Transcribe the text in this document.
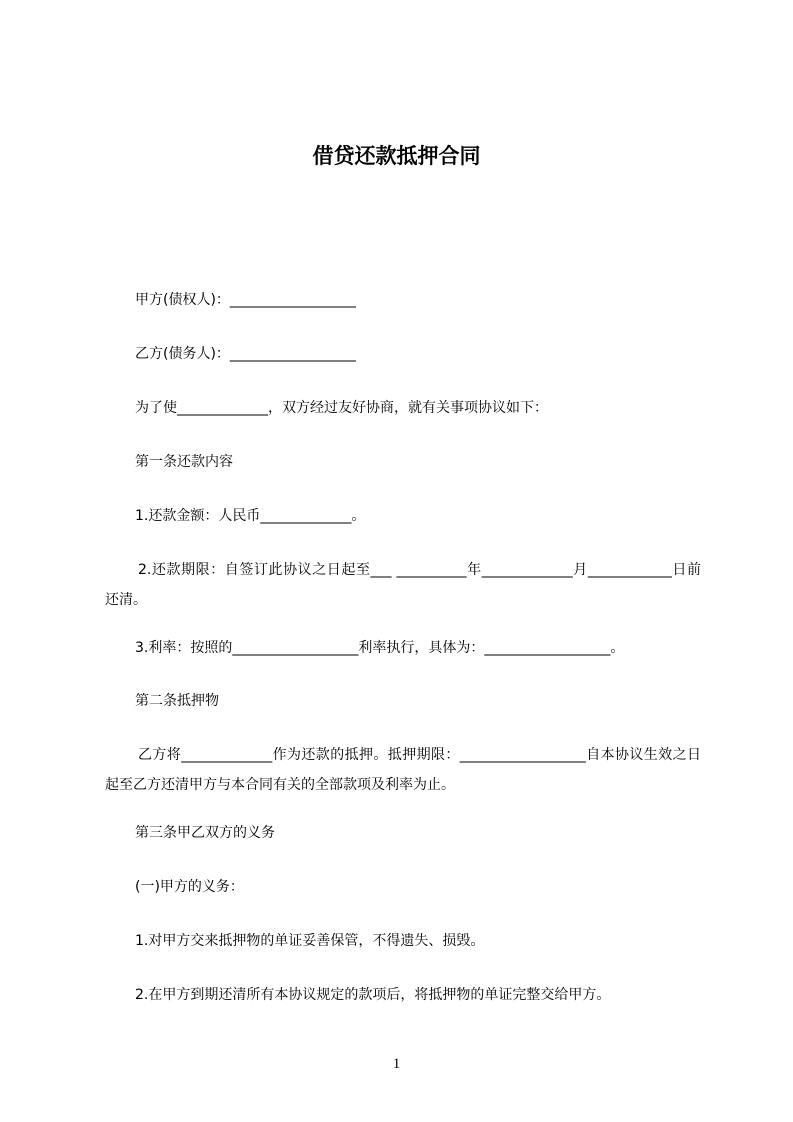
借贷还款抵押合同

甲方(债权人)：__________________

乙方(债务人)：__________________

为了使_____________，双方经过友好协商，就有关事项协议如下：

第一条还款内容

1.还款金额：人民币_____________。

2.还款期限：自签订此协议之日起至___ __________年_____________月____________日前还清。

3.利率：按照的__________________利率执行，具体为：__________________。

第二条抵押物

乙方将_____________作为还款的抵押。抵押期限：__________________自本协议生效之日起至乙方还清甲方与本合同有关的全部款项及利率为止。

第三条甲乙双方的义务

(一)甲方的义务：

1.对甲方交来抵押物的单证妥善保管，不得遗失、损毁。

2.在甲方到期还清所有本协议规定的款项后，将抵押物的单证完整交给甲方。

1
